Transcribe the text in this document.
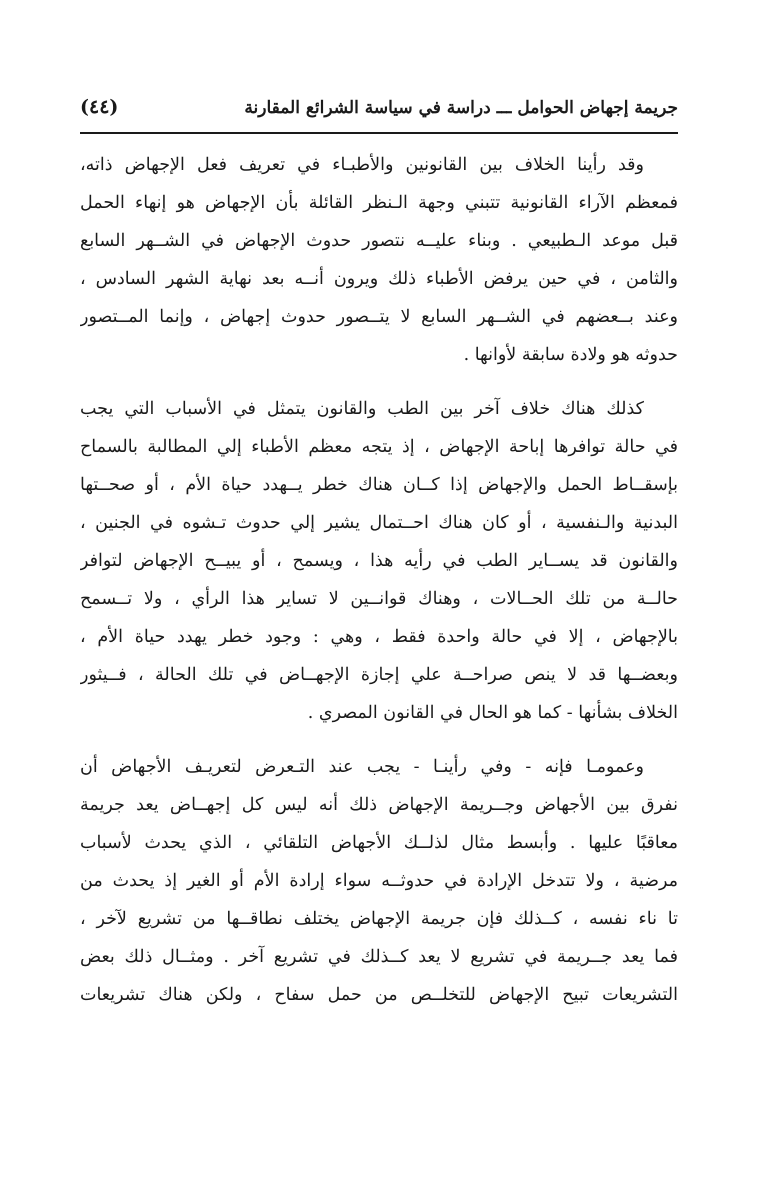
جريمة إجهاض الحوامل ـــ دراسة في سياسة الشرائع المقارنة
(٤٤)
وقد رأينا الخلاف بين القانونين والأطبـاء في تعريف فعل الإجهاض ذاته،
فمعظم الآراء القانونية تتبني وجهة الـنظر القائلة بأن الإجهاض هو إنهاء الحمل
قبل موعد الـطبيعي . وبناء عليــه نتصور حدوث الإجهاض في الشــهر السابع
والثامن ، في حين يرفض الأطباء ذلك ويرون أنــه بعد نهاية الشهر السادس ،
وعند بــعضهم في الشــهر السابع لا يتــصور حدوث إجهاض ، وإنما المــتصور
حدوثه هو ولادة سابقة لأوانها .
كذلك هناك خلاف آخر بين الطب والقانون يتمثل في الأسباب التي يجب
في حالة توافرها إباحة الإجهاض ، إذ يتجه معظم الأطباء إلي المطالبة بالسماح
بإسقــاط الحمل والإجهاض إذا كــان هناك خطر يــهدد حياة الأم ، أو صحــتها
البدنية والـنفسية ، أو كان هناك احــتمال يشير إلي حدوث تـشوه في الجنين ،
والقانون قد يســاير الطب في رأيه هذا ، ويسمح ، أو يبيــح الإجهاض لتوافر
حالــة من تلك الحــالات ، وهناك قوانــين لا تساير هذا الرأي ، ولا تــسمح
بالإجهاض ، إلا في حالة واحدة فقط ، وهي : وجود خطر يهدد حياة الأم ،
وبعضــها قد لا ينص صراحــة علي إجازة الإجهــاض في تلك الحالة ، فــيثور
الخلاف بشأنها - كما هو الحال في القانون المصري .
وعمومـا فإنه - وفي رأينـا - يجب عند التـعرض لتعريـف الأجهاض أن
نفرق بين الأجهاض وجــريمة الإجهاض ذلك أنه ليس كل إجهــاض يعد جريمة
معاقبًا عليها . وأبسط مثال لذلــك الأجهاض التلقائي ، الذي يحدث لأسباب
مرضية ، ولا تتدخل الإرادة في حدوثــه سواء إرادة الأم أو الغير إذ يحدث من
تا ناء نفسه ، كــذلك فإن جريمة الإجهاض يختلف نطاقــها من تشريع لآخر ،
فما يعد جــريمة في تشريع لا يعد كــذلك في تشريع آخر . ومثــال ذلك بعض
التشريعات تبيح الإجهاض للتخلــص من حمل سفاح ، ولكن هناك تشريعات
